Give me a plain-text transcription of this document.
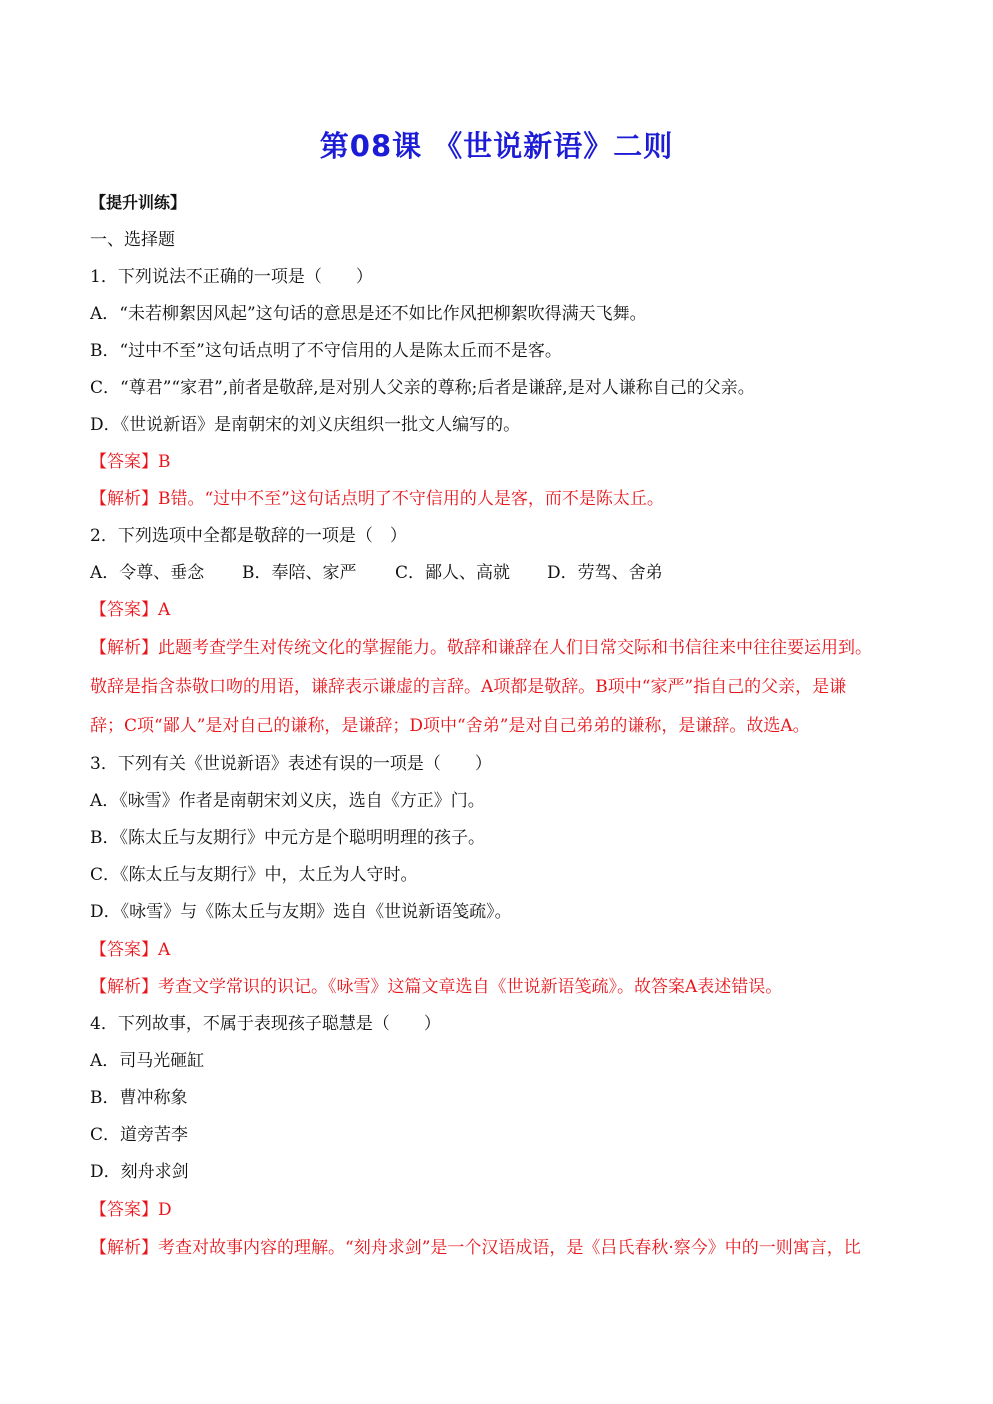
第08课 《世说新语》二则
【提升训练】
一、选择题
1．下列说法不正确的一项是（　　）
A．“未若柳絮因风起”这句话的意思是还不如比作风把柳絮吹得满天飞舞。
B．“过中不至”这句话点明了不守信用的人是陈太丘而不是客。
C．“尊君”“家君”,前者是敬辞,是对别人父亲的尊称;后者是谦辞,是对人谦称自己的父亲。
D．《世说新语》是南朝宋的刘义庆组织一批文人编写的。
【答案】B
【解析】B错。“过中不至”这句话点明了不守信用的人是客，而不是陈太丘。
2．下列选项中全都是敬辞的一项是（　）
A．令尊、垂念 B．奉陪、家严 C．鄙人、高就 D．劳驾、舍弟
【答案】A
【解析】此题考查学生对传统文化的掌握能力。敬辞和谦辞在人们日常交际和书信往来中往往要运用到。
敬辞是指含恭敬口吻的用语，谦辞表示谦虚的言辞。A项都是敬辞。B项中“家严”指自己的父亲，是谦
辞；C项“鄙人”是对自己的谦称，是谦辞；D项中“舍弟”是对自己弟弟的谦称，是谦辞。故选A。
3．下列有关《世说新语》表述有误的一项是（　　）
A．《咏雪》作者是南朝宋刘义庆，选自《方正》门。
B．《陈太丘与友期行》中元方是个聪明明理的孩子。
C．《陈太丘与友期行》中，太丘为人守时。
D．《咏雪》与《陈太丘与友期》选自《世说新语笺疏》。
【答案】A
【解析】考查文学常识的识记。《咏雪》这篇文章选自《世说新语笺疏》。故答案A表述错误。
4．下列故事，不属于表现孩子聪慧是（　　）
A．司马光砸缸
B．曹冲称象
C．道旁苦李
D．刻舟求剑
【答案】D
【解析】考查对故事内容的理解。“刻舟求剑”是一个汉语成语，是《吕氏春秋·察今》中的一则寓言，比
